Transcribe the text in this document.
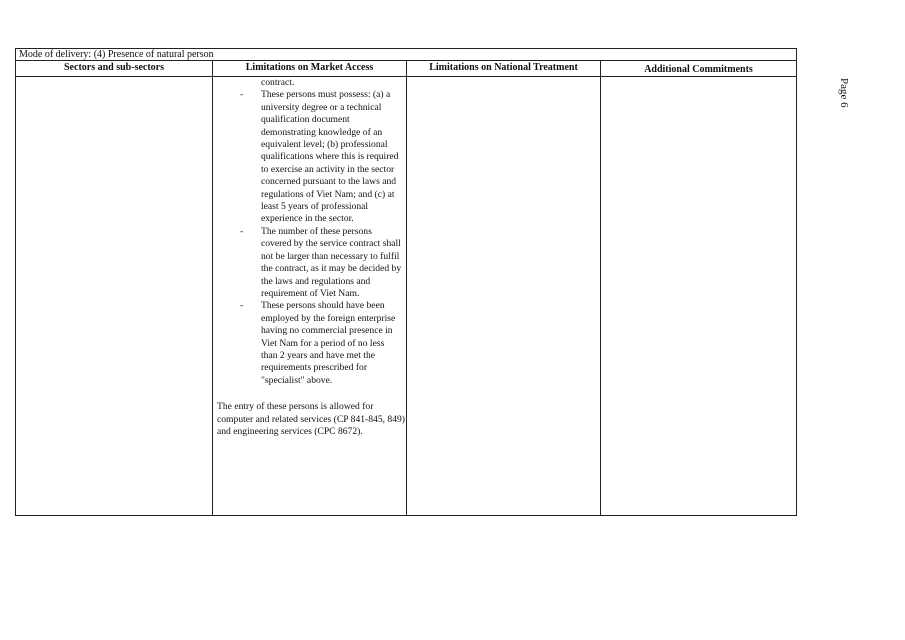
Page 6
Mode of delivery: (4) Presence of natural person
Sectors and sub-sectors	Limitations on Market Access	Limitations on National Treatment	Additional Commitments
contract.
- These persons must possess: (a) a university degree or a technical qualification document demonstrating knowledge of an equivalent level; (b) professional qualifications where this is required to exercise an activity in the sector concerned pursuant to the laws and regulations of Viet Nam; and (c) at least 5 years of professional experience in the sector.
- The number of these persons covered by the service contract shall not be larger than necessary to fulfil the contract, as it may be decided by the laws and regulations and requirement of Viet Nam.
- These persons should have been employed by the foreign enterprise having no commercial presence in Viet Nam for a period of no less than 2 years and have met the requirements prescribed for "specialist" above.
The entry of these persons is allowed for computer and related services (CP 841-845, 849) and engineering services (CPC 8672).
